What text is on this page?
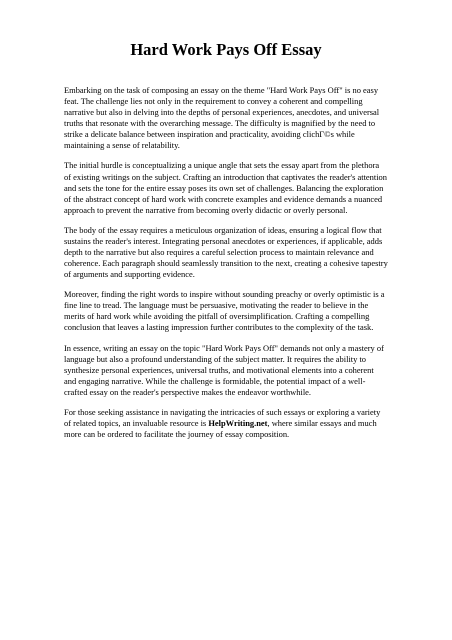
Hard Work Pays Off Essay

Embarking on the task of composing an essay on the theme "Hard Work Pays Off" is no easy feat. The challenge lies not only in the requirement to convey a coherent and compelling narrative but also in delving into the depths of personal experiences, anecdotes, and universal truths that resonate with the overarching message. The difficulty is magnified by the need to strike a delicate balance between inspiration and practicality, avoiding clichГ©s while maintaining a sense of relatability.

The initial hurdle is conceptualizing a unique angle that sets the essay apart from the plethora of existing writings on the subject. Crafting an introduction that captivates the reader's attention and sets the tone for the entire essay poses its own set of challenges. Balancing the exploration of the abstract concept of hard work with concrete examples and evidence demands a nuanced approach to prevent the narrative from becoming overly didactic or overly personal.

The body of the essay requires a meticulous organization of ideas, ensuring a logical flow that sustains the reader's interest. Integrating personal anecdotes or experiences, if applicable, adds depth to the narrative but also requires a careful selection process to maintain relevance and coherence. Each paragraph should seamlessly transition to the next, creating a cohesive tapestry of arguments and supporting evidence.

Moreover, finding the right words to inspire without sounding preachy or overly optimistic is a fine line to tread. The language must be persuasive, motivating the reader to believe in the merits of hard work while avoiding the pitfall of oversimplification. Crafting a compelling conclusion that leaves a lasting impression further contributes to the complexity of the task.

In essence, writing an essay on the topic "Hard Work Pays Off" demands not only a mastery of language but also a profound understanding of the subject matter. It requires the ability to synthesize personal experiences, universal truths, and motivational elements into a coherent and engaging narrative. While the challenge is formidable, the potential impact of a well-crafted essay on the reader's perspective makes the endeavor worthwhile.

For those seeking assistance in navigating the intricacies of such essays or exploring a variety of related topics, an invaluable resource is HelpWriting.net, where similar essays and much more can be ordered to facilitate the journey of essay composition.
